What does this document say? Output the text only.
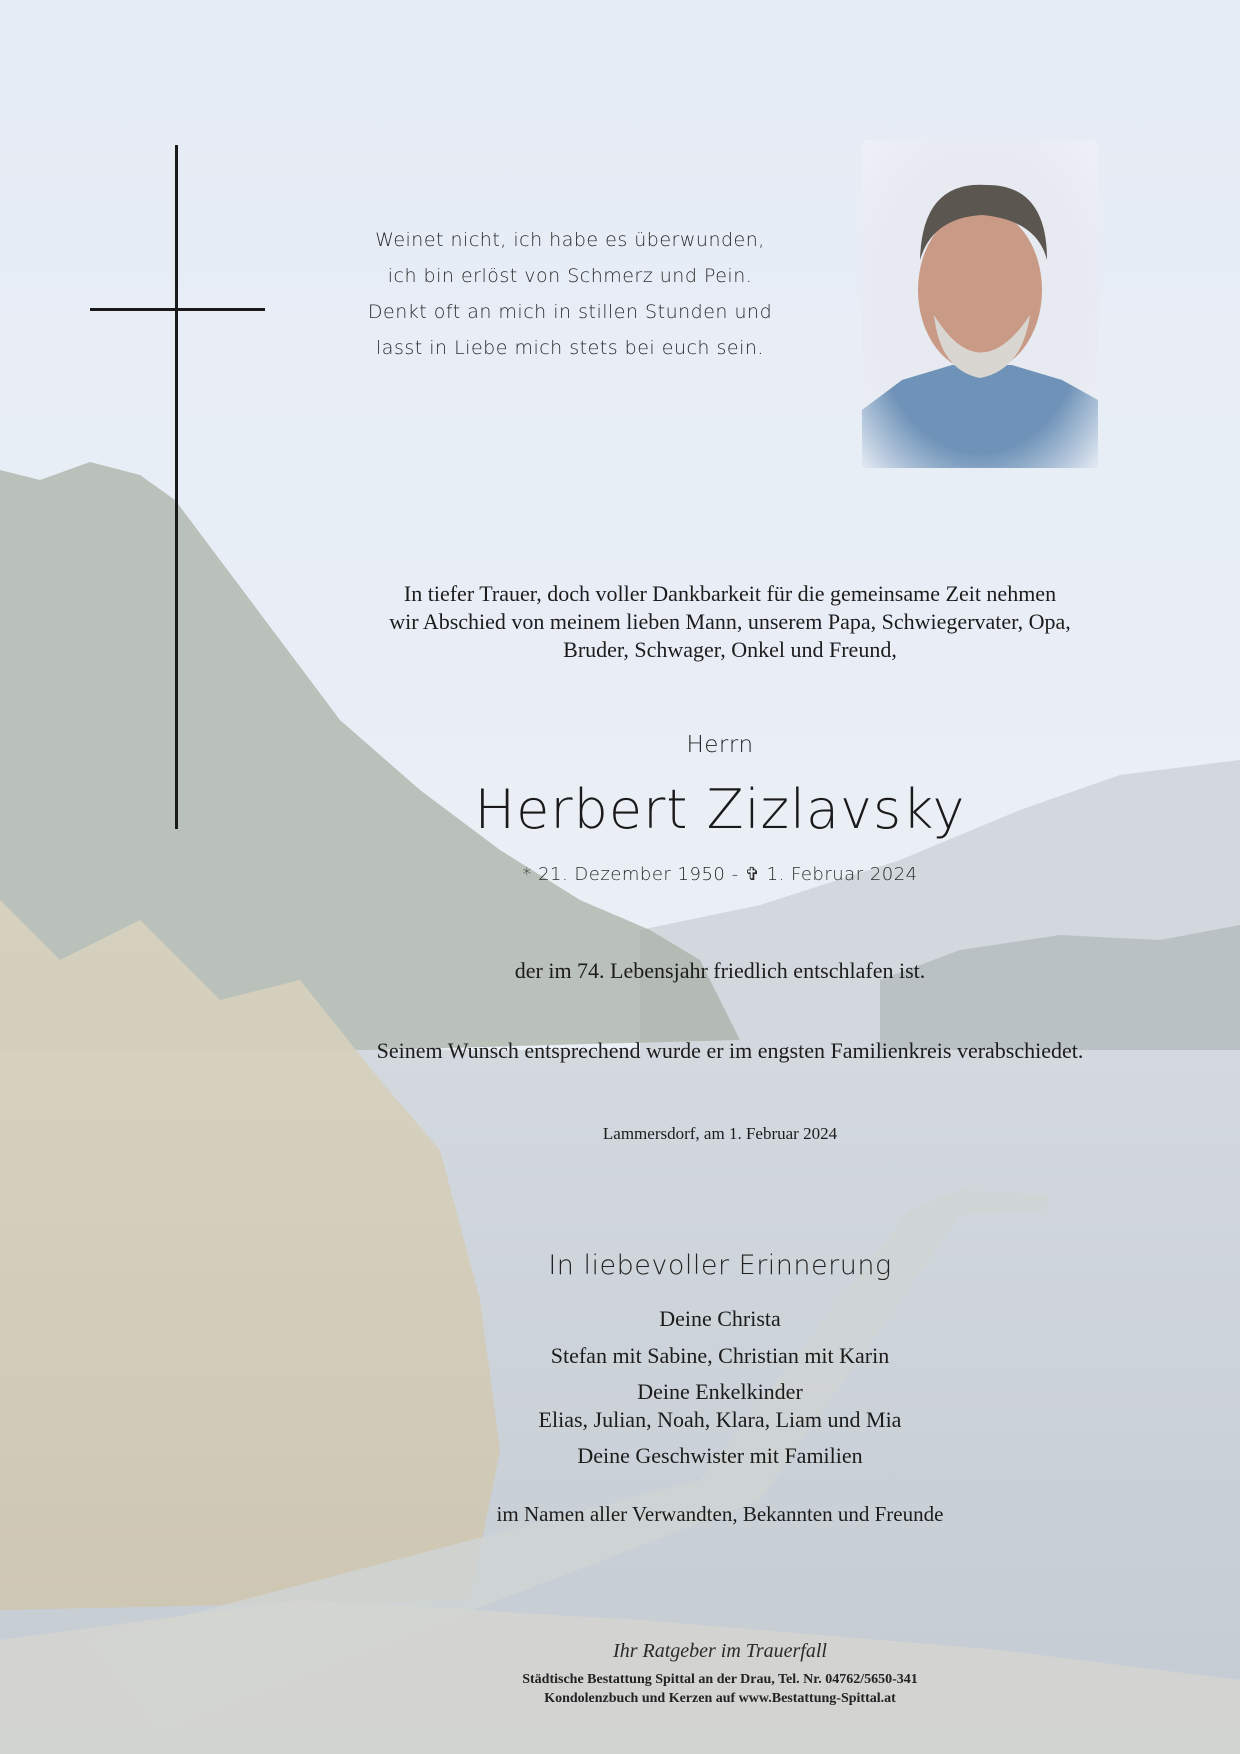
Weinet nicht, ich habe es überwunden,
ich bin erlöst von Schmerz und Pein.
Denkt oft an mich in stillen Stunden und
lasst in Liebe mich stets bei euch sein.
In tiefer Trauer, doch voller Dankbarkeit für die gemeinsame Zeit nehmen
wir Abschied von meinem lieben Mann, unserem Papa, Schwiegervater, Opa,
Bruder, Schwager, Onkel und Freund,
Herrn
Herbert Zizlavsky
* 21. Dezember 1950 - ✞ 1. Februar 2024
der im 74. Lebensjahr friedlich entschlafen ist.
Seinem Wunsch entsprechend wurde er im engsten Familienkreis verabschiedet.
Lammersdorf, am 1. Februar 2024
In liebevoller Erinnerung
Deine Christa
Stefan mit Sabine, Christian mit Karin
Deine Enkelkinder
Elias, Julian, Noah, Klara, Liam und Mia
Deine Geschwister mit Familien
im Namen aller Verwandten, Bekannten und Freunde
Ihr Ratgeber im Trauerfall
Städtische Bestattung Spittal an der Drau, Tel. Nr. 04762/5650-341
Kondolenzbuch und Kerzen auf www.Bestattung-Spittal.at
